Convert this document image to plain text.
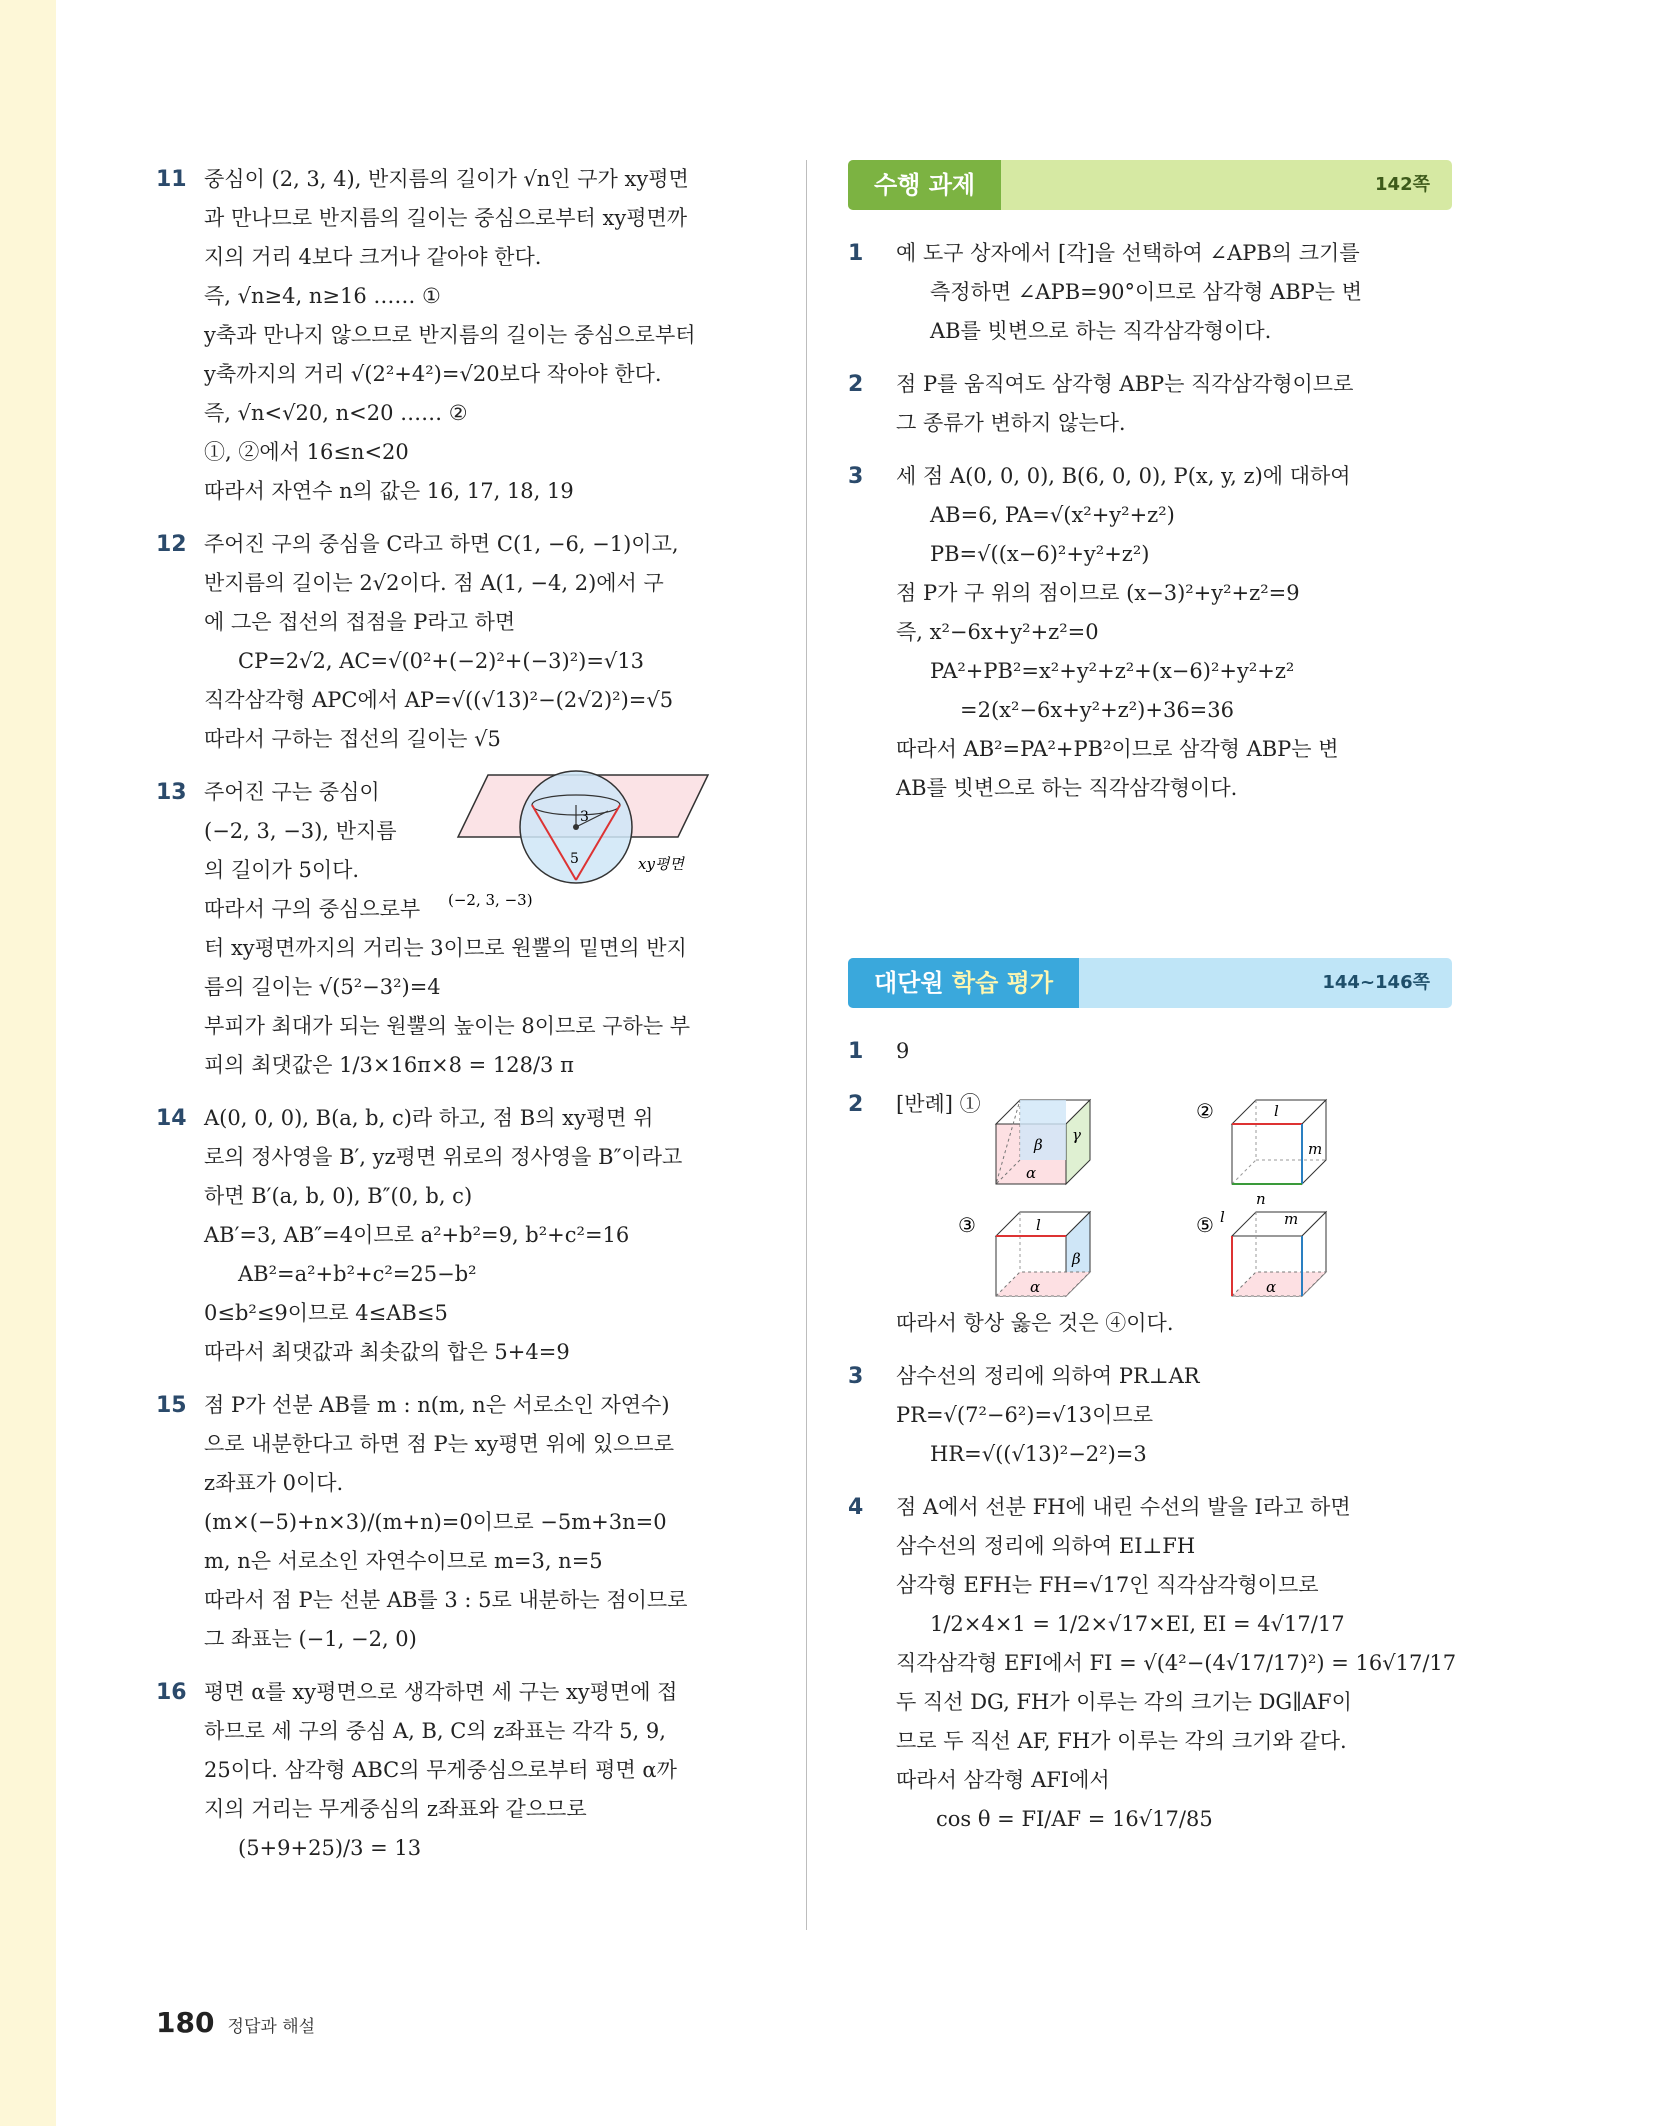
11 중심이 (2, 3, 4), 반지름의 길이가 √n인 구가 xy평면
과 만나므로 반지름의 길이는 중심으로부터 xy평면까
지의 거리 4보다 크거나 같아야 한다.
즉, √n≥4, n≥16 …… ①
y축과 만나지 않으므로 반지름의 길이는 중심으로부터
y축까지의 거리 √(2²+4²)=√20보다 작아야 한다.
즉, √n<√20, n<20 …… ②
①, ②에서 16≤n<20
따라서 자연수 n의 값은 16, 17, 18, 19
12 주어진 구의 중심을 C라고 하면 C(1, −6, −1)이고,
반지름의 길이는 2√2이다. 점 A(1, −4, 2)에서 구
에 그은 접선의 접점을 P라고 하면
CP=2√2, AC=√(0²+(−2)²+(−3)²)=√13
직각삼각형 APC에서 AP=√((√13)²−(2√2)²)=√5
따라서 구하는 접선의 길이는 √5
13 주어진 구는 중심이
(−2, 3, −3), 반지름
의 길이가 5이다.
따라서 구의 중심으로부
터 xy평면까지의 거리는 3이므로 원뿔의 밑면의 반지
름의 길이는 √(5²−3²)=4
부피가 최대가 되는 원뿔의 높이는 8이므로 구하는 부
피의 최댓값은 1/3×16π×8 = 128/3 π
3
5	xy평면
(−2, 3, −3)
14 A(0, 0, 0), B(a, b, c)라 하고, 점 B의 xy평면 위
로의 정사영을 B′, yz평면 위로의 정사영을 B″이라고
하면 B′(a, b, 0), B″(0, b, c)
AB′=3, AB″=4이므로 a²+b²=9, b²+c²=16
AB²=a²+b²+c²=25−b²
0≤b²≤9이므로 4≤AB≤5
따라서 최댓값과 최솟값의 합은 5+4=9
15 점 P가 선분 AB를 m : n(m, n은 서로소인 자연수)
으로 내분한다고 하면 점 P는 xy평면 위에 있으므로
z좌표가 0이다.
(m×(−5)+n×3)/(m+n)=0이므로 −5m+3n=0
m, n은 서로소인 자연수이므로 m=3, n=5
따라서 점 P는 선분 AB를 3 : 5로 내분하는 점이므로
그 좌표는 (−1, −2, 0)
16 평면 α를 xy평면으로 생각하면 세 구는 xy평면에 접
하므로 세 구의 중심 A, B, C의 z좌표는 각각 5, 9,
25이다. 삼각형 ABC의 무게중심으로부터 평면 α까
지의 거리는 무게중심의 z좌표와 같으므로
(5+9+25)/3 = 13
수행 과제	142쪽
1 예 도구 상자에서 [각]을 선택하여 ∠APB의 크기를
측정하면 ∠APB=90°이므로 삼각형 ABP는 변
AB를 빗변으로 하는 직각삼각형이다.
2 점 P를 움직여도 삼각형 ABP는 직각삼각형이므로
그 종류가 변하지 않는다.
3 세 점 A(0, 0, 0), B(6, 0, 0), P(x, y, z)에 대하여
AB=6, PA=√(x²+y²+z²)
PB=√((x−6)²+y²+z²)
점 P가 구 위의 점이므로 (x−3)²+y²+z²=9
즉, x²−6x+y²+z²=0
PA²+PB²=x²+y²+z²+(x−6)²+y²+z²
=2(x²−6x+y²+z²)+36=36
따라서 AB²=PA²+PB²이므로 삼각형 ABP는 변
AB를 빗변으로 하는 직각삼각형이다.
대단원 학습 평가	144~146쪽
1 9
2 [반례] ①
β
γ
α
②	l
m
n
③	l
β
α
⑤ l	m
α
따라서 항상 옳은 것은 ④이다.
3 삼수선의 정리에 의하여 PR⊥AR
PR=√(7²−6²)=√13이므로
HR=√((√13)²−2²)=3
4 점 A에서 선분 FH에 내린 수선의 발을 I라고 하면
삼수선의 정리에 의하여 EI⊥FH
삼각형 EFH는 FH=√17인 직각삼각형이므로
1/2×4×1 = 1/2×√17×EI, EI = 4√17/17
직각삼각형 EFI에서 FI = √(4²−(4√17/17)²) = 16√17/17
두 직선 DG, FH가 이루는 각의 크기는 DG∥AF이
므로 두 직선 AF, FH가 이루는 각의 크기와 같다.
따라서 삼각형 AFI에서
cos θ = FI/AF = 16√17/85
180 정답과 해설
